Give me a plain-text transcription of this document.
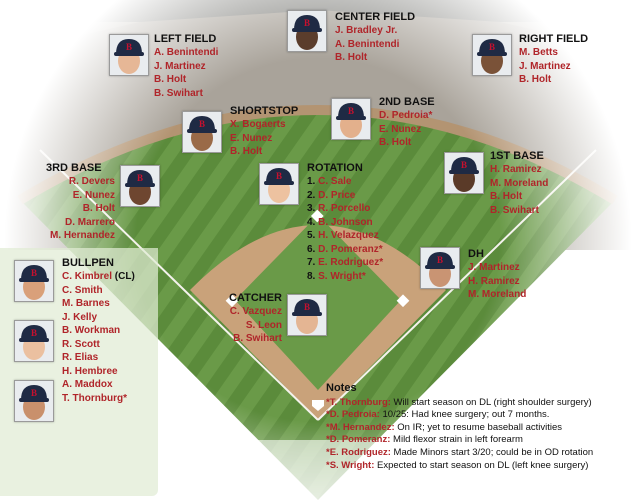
B
B	B
B
B
B	B
B
B
B
B
B
B
CENTER FIELD
J. Bradley Jr.
A. Benintendi
B. Holt
LEFT FIELD
A. Benintendi
J. Martinez
B. Holt
B. Swihart
RIGHT FIELD
M. Betts
J. Martinez
B. Holt
SHORTSTOP
X. Bogaerts
E. Nunez
B. Holt
2ND BASE
D. Pedroia*
E. Nunez
B. Holt
3RD BASE
R. Devers
E. Nunez
B. Holt
D. Marrero
M. Hernandez
ROTATION
1. C. Sale
2. D. Price
3. R. Porcello
4. B. Johnson
5. H. Velazquez
6. D. Pomeranz*
7. E. Rodriguez*
8. S. Wright*
1ST BASE
H. Ramirez
M. Moreland
B. Holt
B. Swihart
DH
J. Martinez
H. Ramirez
M. Moreland
CATCHER
C. Vazquez
S. Leon
B. Swihart
BULLPEN
C. Kimbrel (CL)
C. Smith
M. Barnes
J. Kelly
B. Workman
R. Scott
R. Elias
H. Hembree
A. Maddox
T. Thornburg*
Notes
*T. Thornburg: Will start season on DL (right shoulder surgery)
*D. Pedroia: 10/25: Had knee surgery; out 7 months.
*M. Hernandez: On IR; yet to resume baseball activities
*D. Pomeranz: Mild flexor strain in left forearm
*E. Rodriguez: Made Minors start 3/20; could be in OD rotation
*S. Wright: Expected to start season on DL (left knee surgery)
